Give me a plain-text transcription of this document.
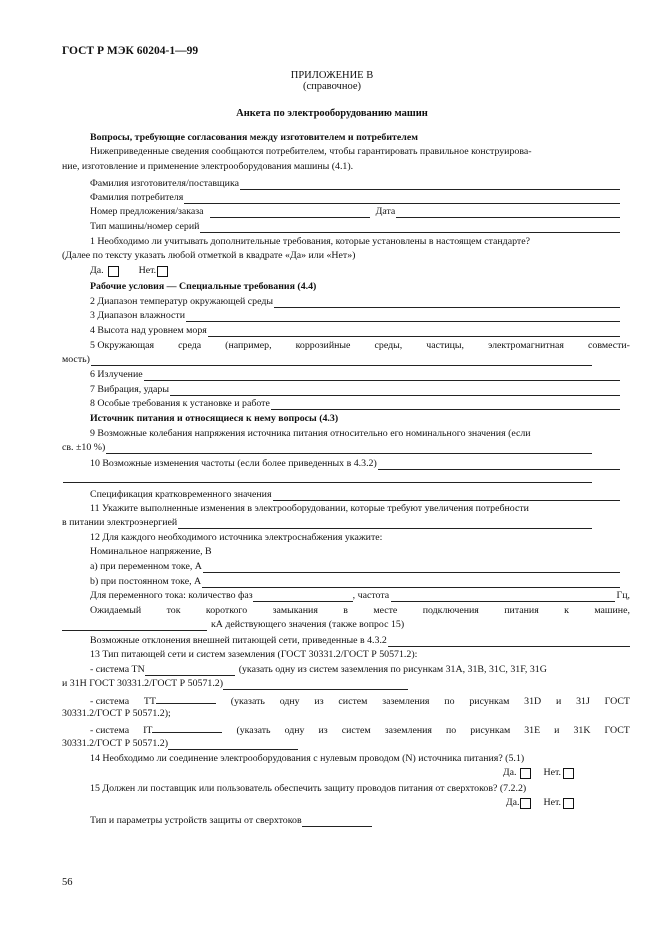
ГОСТ Р МЭК 60204-1—99
ПРИЛОЖЕНИЕ В
(справочное)
Анкета по электрооборудованию машин
Вопросы, требующие согласования между изготовителем и потребителем
Нижеприведенные сведения сообщаются потребителем, чтобы гарантировать правильное конструирова-
ние, изготовление и применение электрооборудования машины (4.1).
Фамилия изготовителя/поставщика
Фамилия потребителя
Номер предложения/заказа	Дата
Тип машины/номер серий
1 Необходимо ли учитывать дополнительные требования, которые установлены в настоящем стандарте?
(Далее по тексту указать любой отметкой в квадрате «Да» или «Нет»)
Да.	Нет.
Рабочие условия — Специальные требования (4.4)
2 Диапазон температур окружающей среды
3 Диапазон влажности
4 Высота над уровнем моря
5 Окружающая среда (например, коррозийные среды, частицы, электромагнитная совмести-
мость)
6 Излучение
7 Вибрация, удары
8 Особые требования к установке и работе
Источник питания и относящиеся к нему вопросы (4.3)
9 Возможные колебания напряжения источника питания относительно его номинального значения (если
св. ±10 %)
10 Возможные изменения частоты (если более приведенных в 4.3.2)
Спецификация кратковременного значения
11 Укажите выполненные изменения в электрооборудовании, которые требуют увеличения потребности
в питании электроэнергией
12 Для каждого необходимого источника электроснабжения укажите:
Номинальное напряжение, В
a) при переменном токе, А
b) при постоянном токе, А
Для переменного тока: количество фаз	, частота	Гц,
Ожидаемый	ток	короткого	замыкания	в	месте	подключения	питания	к	машине,
кА действующего значения (также вопрос 15)
Возможные отклонения внешней питающей сети, приведенные в 4.3.2
13 Тип питающей сети и систем заземления (ГОСТ 30331.2/ГОСТ Р 50571.2):
- система TN	(указать одну из систем заземления по рисункам 31A, 31B, 31C, 31F, 31G
и 31H ГОСТ 30331.2/ГОСТ Р 50571.2)
- система ТТ	(указать одну из систем заземления по рисункам 31D и 31J ГОСТ
30331.2/ГОСТ Р 50571.2);
- система IT	(указать одну из систем заземления по рисункам 31E и 31K ГОСТ
30331.2/ГОСТ Р 50571.2)
14 Необходимо ли соединение электрооборудования с нулевым проводом (N) источника питания? (5.1)
Да.	Нет.
15 Должен ли поставщик или пользователь обеспечить защиту проводов питания от сверхтоков? (7.2.2)
Да. Нет.
Тип и параметры устройств защиты от сверхтоков
56
